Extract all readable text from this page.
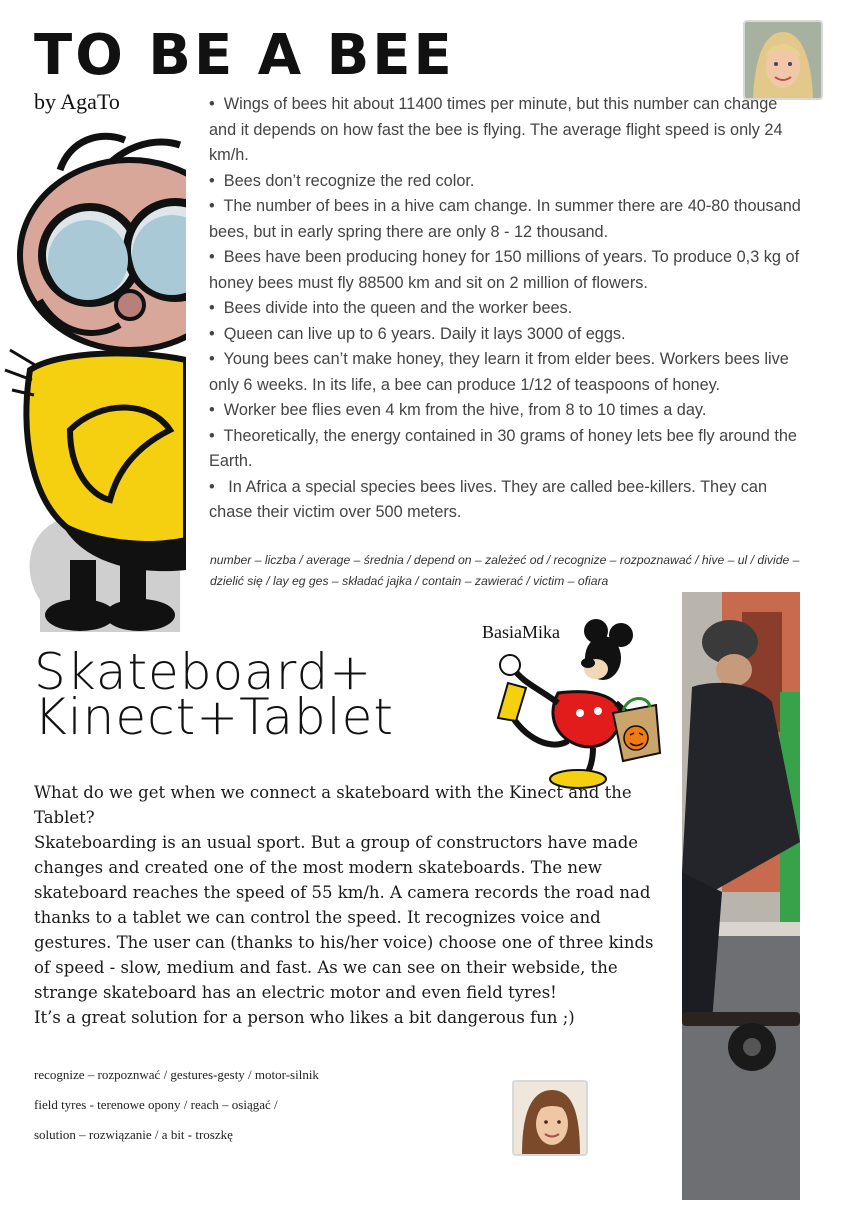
TO BE A BEE
by AgaTo
•	Wings of bees hit about 11400 times per minute, but this number can change and it depends on how fast the bee is flying. The average flight speed is only 24 km/h.
• Bees don’t recognize the red color.
• The number of bees in a hive cam change. In summer there are 40-80 thousand bees, but in early spring there are only 8 - 12 thousand.
• Bees have been producing honey for 150 millions of years. To produce 0,3 kg of honey bees must fly 88500 km and sit on 2 million of flowers.
• Bees divide into the queen and the worker bees.
• Queen can live up to 6 years. Daily it lays 3000 of eggs.
• Young bees can’t make honey, they learn it from elder bees. Workers bees live only 6 weeks. In its life, a bee can produce 1/12 of teaspoons of honey.
• Worker bee flies even 4 km from the hive, from 8 to 10 times a day.
• Theoretically, the energy contained in 30 grams of honey lets bee fly around the Earth.
• In Africa a special species bees lives. They are called bee-killers. They can chase their victim over 500 meters.
number – liczba / average – średnia / depend on – zależeć od / recognize – rozpoznawać / hive – ul / divide – dzielić się / lay eg ges – składać jajka / contain – zawierać / victim – ofiara
BasiaMika
Skateboard+
Kinect+Tablet

What do we get when we connect a skateboard with the Kinect and the Tablet?

Skateboarding is an usual sport. But a group of constructors have made changes and created one of the most modern skateboards. The new skateboard reaches the speed of 55 km/h. A camera records the road nad thanks to a tablet we can control the speed. It recognizes voice and gestures. The user can (thanks to his/her voice) choose one of three kinds of speed - slow, medium and fast. As we can see on their webside, the strange skateboard has an electric motor and even field tyres!

It’s a great solution for a person who likes a bit dangerous fun ;)

recognize – rozpoznwać / gestures-gesty / motor-silnik
field tyres - terenowe opony / reach – osiągać /
solution – rozwiązanie / a bit - troszkę
